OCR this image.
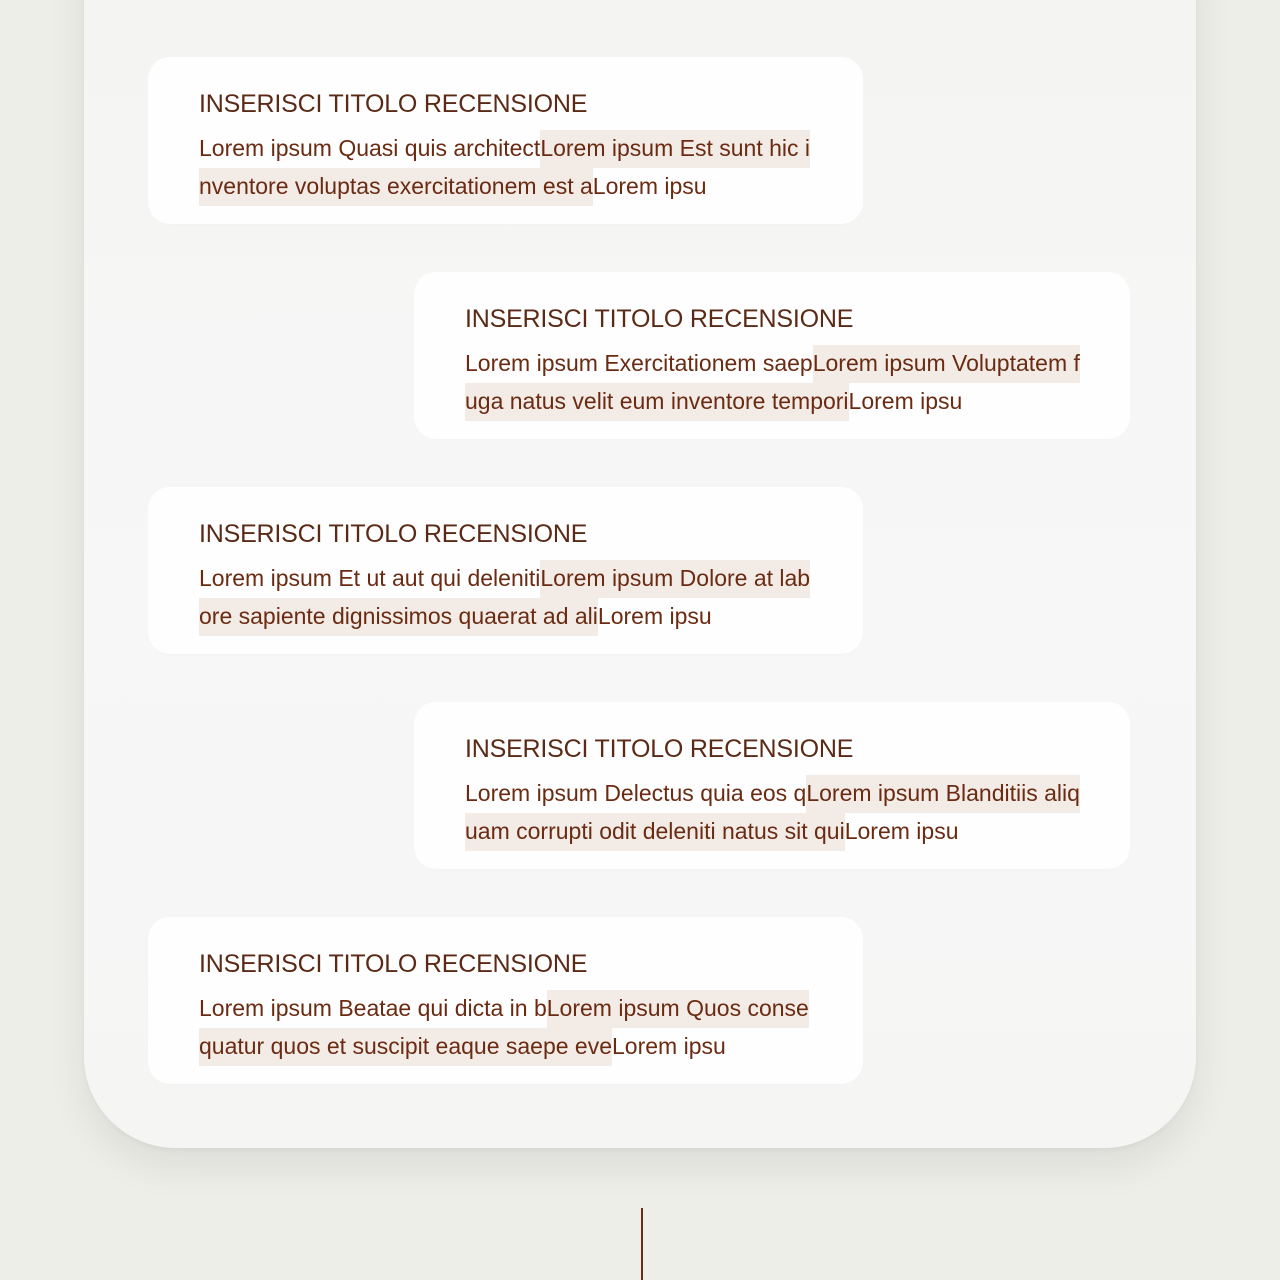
INSERISCI TITOLO RECENSIONE
Lorem ipsum Quasi quis architectLorem ipsum Est sunt hic inventore voluptas exercitationem est aLorem ipsu
INSERISCI TITOLO RECENSIONE
Lorem ipsum Exercitationem saepLorem ipsum Voluptatem fuga natus velit eum inventore temporiLorem ipsu
INSERISCI TITOLO RECENSIONE
Lorem ipsum Et ut aut qui delenitiLorem ipsum Dolore at labore sapiente dignissimos quaerat ad aliLorem ipsu
INSERISCI TITOLO RECENSIONE
Lorem ipsum Delectus quia eos qLorem ipsum Blanditiis aliquam corrupti odit deleniti natus sit quiLorem ipsu
INSERISCI TITOLO RECENSIONE
Lorem ipsum Beatae qui dicta in bLorem ipsum Quos consequatur quos et suscipit eaque saepe eveLorem ipsu
